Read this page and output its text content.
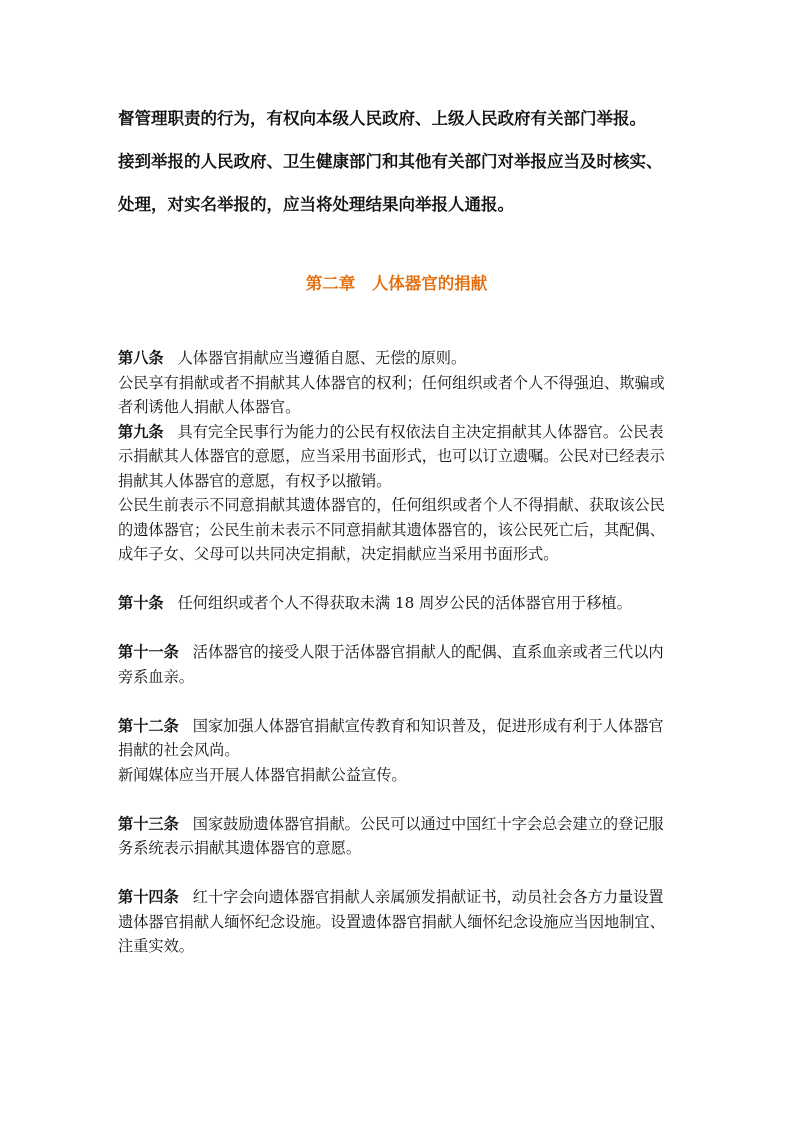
督管理职责的行为，有权向本级人民政府、上级人民政府有关部门举报。
接到举报的人民政府、卫生健康部门和其他有关部门对举报应当及时核实、
处理，对实名举报的，应当将处理结果向举报人通报。
第二章　人体器官的捐献

第八条 人体器官捐献应当遵循自愿、无偿的原则。

公民享有捐献或者不捐献其人体器官的权利；任何组织或者个人不得强迫、欺骗或者利诱他人捐献人体器官。

第九条 具有完全民事行为能力的公民有权依法自主决定捐献其人体器官。公民表示捐献其人体器官的意愿，应当采用书面形式，也可以订立遗嘱。公民对已经表示捐献其人体器官的意愿，有权予以撤销。

公民生前表示不同意捐献其遗体器官的，任何组织或者个人不得捐献、获取该公民的遗体器官；公民生前未表示不同意捐献其遗体器官的，该公民死亡后，其配偶、成年子女、父母可以共同决定捐献，决定捐献应当采用书面形式。

第十条 任何组织或者个人不得获取未满 18 周岁公民的活体器官用于移植。

第十一条 活体器官的接受人限于活体器官捐献人的配偶、直系血亲或者三代以内旁系血亲。

第十二条 国家加强人体器官捐献宣传教育和知识普及，促进形成有利于人体器官捐献的社会风尚。

新闻媒体应当开展人体器官捐献公益宣传。

第十三条 国家鼓励遗体器官捐献。公民可以通过中国红十字会总会建立的登记服务系统表示捐献其遗体器官的意愿。

第十四条 红十字会向遗体器官捐献人亲属颁发捐献证书，动员社会各方力量设置遗体器官捐献人缅怀纪念设施。设置遗体器官捐献人缅怀纪念设施应当因地制宜、注重实效。
